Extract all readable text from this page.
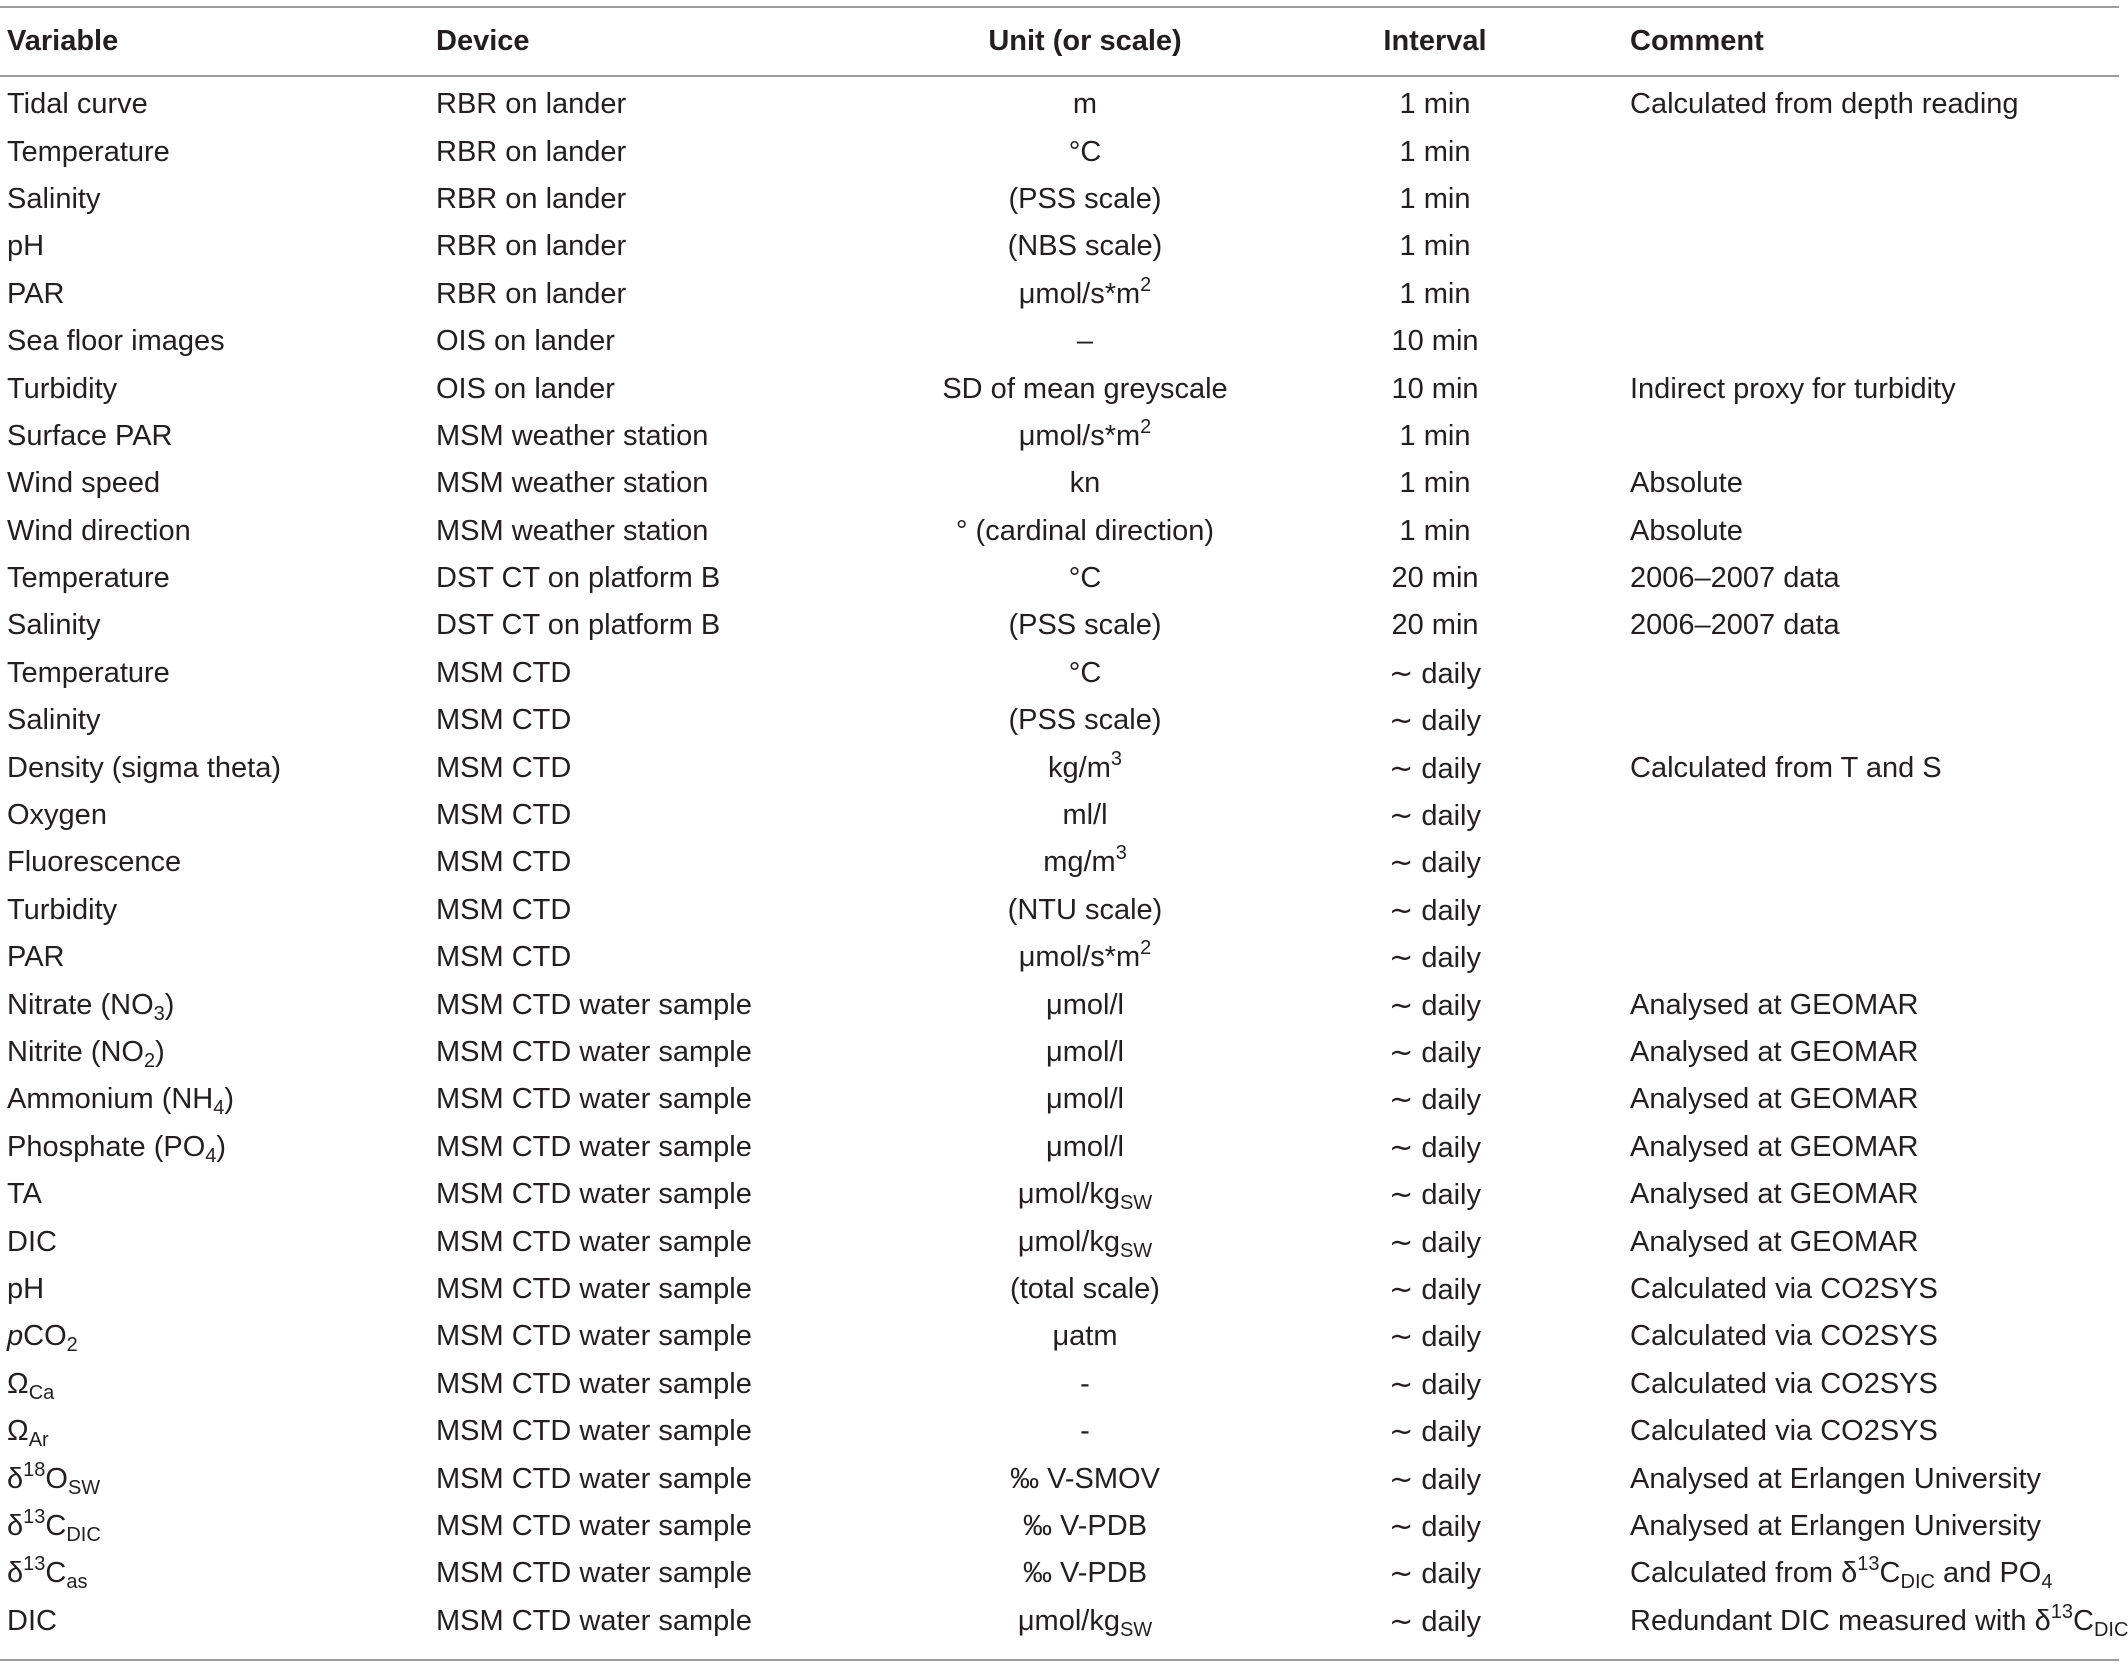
Variable	Device	Unit (or scale)	Interval	Comment
Tidal curve	RBR on lander	m	1 min	Calculated from depth reading
Temperature	RBR on lander	°C	1 min	
Salinity	RBR on lander	(PSS scale)	1 min	
pH	RBR on lander	(NBS scale)	1 min	
PAR	RBR on lander	μmol/$s*m^2$	1 min	
Sea floor images	OIS on lander	–	10 min	
Turbidity	OIS on lander	SD of mean greyscale	10 min	Indirect proxy for turbidity
Surface PAR	MSM weather station	μmol/$s*m^2$	1 min	
Wind speed	MSM weather station	kn	1 min	Absolute
Wind direction	MSM weather station	° (cardinal direction)	1 min	Absolute
Temperature	DST CT on platform B	°C	20 min	2006–2007 data
Salinity	DST CT on platform B	(PSS scale)	20 min	2006–2007 data
Temperature	MSM CTD	°C	∼ daily	
Salinity	MSM CTD	(PSS scale)	∼ daily	
Density (sigma theta)	MSM CTD	$kg/m^3$	∼ daily	Calculated from T and S
Oxygen	MSM CTD	ml/l	∼ daily	
Fluorescence	MSM CTD	$mg/m^3$	∼ daily	
Turbidity	MSM CTD	(NTU scale)	∼ daily	
PAR	MSM CTD	μmol/$s*m^2$	∼ daily	
Nitrate $(NO_3)$	MSM CTD water sample	μmol/l	∼ daily	Analysed at GEOMAR
Nitrite $(NO_2)$	MSM CTD water sample	μmol/l	∼ daily	Analysed at GEOMAR
Ammonium $(NH_4)$	MSM CTD water sample	μmol/l	∼ daily	Analysed at GEOMAR
Phosphate $(PO_4)$	MSM CTD water sample	μmol/l	∼ daily	Analysed at GEOMAR
TA	MSM CTD water sample	μmol/$kg_{SW}$	∼ daily	Analysed at GEOMAR
DIC	MSM CTD water sample	μmol/$kg_{SW}$	∼ daily	Analysed at GEOMAR
pH	MSM CTD water sample	(total scale)	∼ daily	Calculated via CO2SYS
pCO$_2$	MSM CTD water sample	μatm	∼ daily	Calculated via CO2SYS
$\Omega_{Ca}$	MSM CTD water sample	-	∼ daily	Calculated via CO2SYS
$\Omega_{Ar}$	MSM CTD water sample	-	∼ daily	Calculated via CO2SYS
$\delta^{18}O_{SW}$	MSM CTD water sample	‰ V-SMOV	∼ daily	Analysed at Erlangen University
$\delta^{13}C_{DIC}$	MSM CTD water sample	‰ V-PDB	∼ daily	Analysed at Erlangen University
$\delta^{13}C_{as}$	MSM CTD water sample	‰ V-PDB	∼ daily	Calculated from $\delta^{13}C_{DIC}$ and $PO_4$
DIC	MSM CTD water sample	μmol/$kg_{SW}$	∼ daily	Redundant DIC measured with $\delta^{13}C_{DIC}$
